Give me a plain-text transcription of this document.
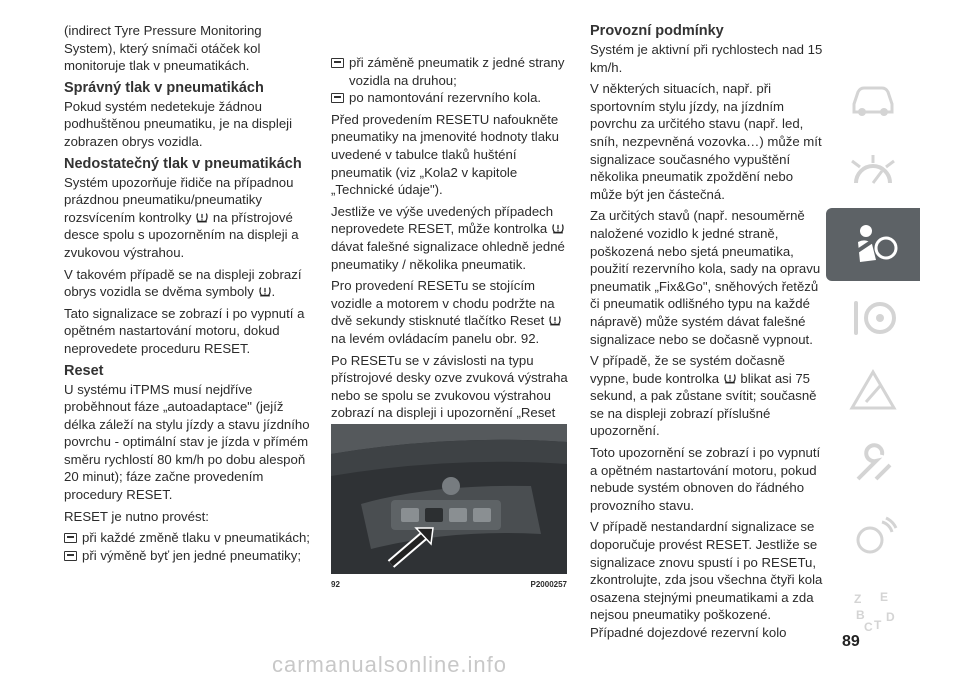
(indirect Tyre Pressure Monitoring System), který snímači otáček kol monitoruje tlak v pneumatikách.

Správný tlak v pneumatikách

Pokud systém nedetekuje žádnou podhuštěnou pneumatiku, je na displeji zobrazen obrys vozidla.

Nedostatečný tlak v pneumatikách

Systém upozorňuje řidiče na případnou prázdnou pneumatiku/pneumatiky rozsvícením kontrolky na přístrojové desce spolu s upozorněním na displeji a zvukovou výstrahou.

V takovém případě se na displeji zobrazí obrys vozidla se dvěma symboly .

Tato signalizace se zobrazí i po vypnutí a opětném nastartování motoru, dokud neprovedete proceduru RESET.

Reset

U systému iTPMS musí nejdříve proběhnout fáze „autoadaptace" (jejíž délka záleží na stylu jízdy a stavu jízdního povrchu - optimální stav je jízda v přímém směru rychlostí 80 km/h po dobu alespoň 20 minut); fáze začne provedením procedury RESET.

RESET je nutno provést:

při každé změně tlaku v pneumatikách;
při výměně byť jen jedné pneumatiky;
při záměně pneumatik z jedné strany vozidla na druhou;
po namontování rezervního kola.

Před provedením RESETU nafoukněte pneumatiky na jmenovité hodnoty tlaku uvedené v tabulce tlaků hušténí pneumatik (viz „Kola2 v kapitole „Technické údaje").

Jestliže ve výše uvedených případech neprovedete RESET, může kontrolka  dávat falešné signalizace ohledně jedné pneumatiky / několika pneumatik.

Pro provedení RESETu se stojícím vozidle a motorem v chodu podržte na dvě sekundy stisknuté tlačítko Reset  na levém ovládacím panelu obr. 92.

Po RESETu se v závislosti na typu přístrojové desky ozve zvuková výstraha nebo se spolu se zvukovou výstrahou zobrazí na displeji i upozornění „Reset

92	P2000257
Provozní podmínky

Systém je aktivní při rychlostech nad 15 km/h.

V některých situacích, např. při sportovním stylu jízdy, na jízdním povrchu za určitého stavu (např. led, sníh, nezpevněná vozovka…) může mít signalizace současného vypuštění několika pneumatik zpoždění nebo může být jen částečná.

Za určitých stavů (např. nesouměrně naložené vozidlo k jedné straně, poškozená nebo sjetá pneumatika, použití rezervního kola, sady na opravu pneumatik „Fix&Go", sněhových řetězů či pneumatik odlišného typu na každé nápravě) může systém dávat falešné signalizace nebo se dočasně vypnout.

V případě, že se systém dočasně vypne, bude kontrolka blikat asi 75 sekund, a pak zůstane svítit; současně se na displeji zobrazí příslušné upozornění.

Toto upozornění se zobrazí i po vypnutí a opětném nastartování motoru, pokud nebude systém obnoven do řádného provozního stavu.

V případě nestandardní signalizace se doporučuje provést RESET. Jestliže se signalizace znovu spustí i po RESETu, zkontrolujte, zda jsou všechna čtyři kola osazena stejnými pneumatikami a zda nejsou pneumatiky poškozené. Případné dojezdové rezervní kolo

Z E
B
C T
D
89
carmanualsonline.info
